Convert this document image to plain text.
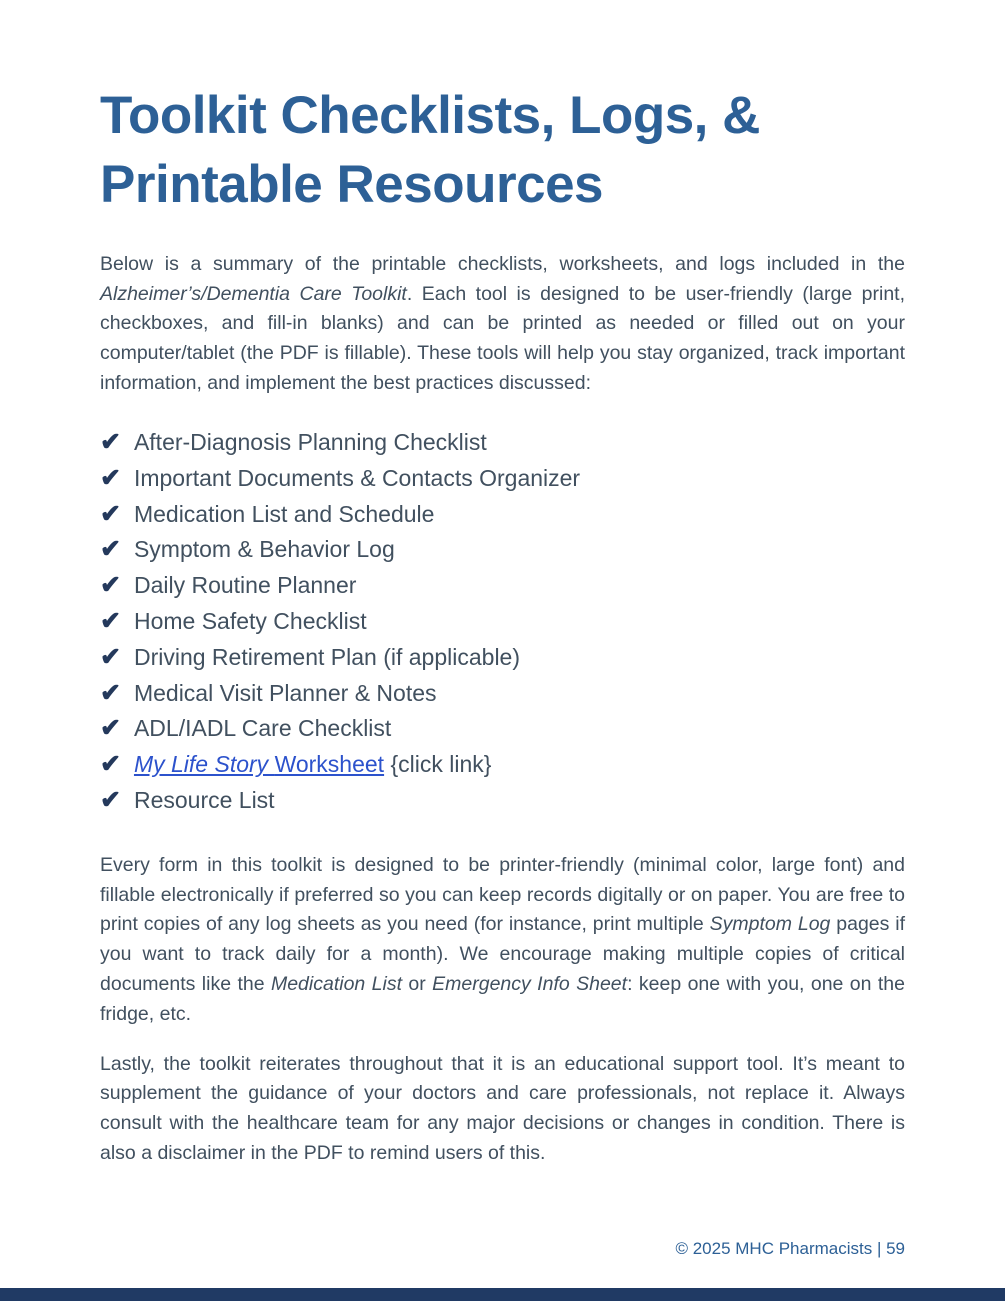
Toolkit Checklists, Logs, & Printable Resources

Below is a summary of the printable checklists, worksheets, and logs included in the Alzheimer’s/Dementia Care Toolkit. Each tool is designed to be user-friendly (large print, checkboxes, and fill-in blanks) and can be printed as needed or filled out on your computer/tablet (the PDF is fillable). These tools will help you stay organized, track important information, and implement the best practices discussed:

✔ After-Diagnosis Planning Checklist
✔ Important Documents & Contacts Organizer
✔ Medication List and Schedule
✔ Symptom & Behavior Log
✔ Daily Routine Planner
✔ Home Safety Checklist
✔ Driving Retirement Plan (if applicable)
✔ Medical Visit Planner & Notes
✔ ADL/IADL Care Checklist
✔ My Life Story Worksheet {click link}
✔ Resource List

Every form in this toolkit is designed to be printer-friendly (minimal color, large font) and fillable electronically if preferred so you can keep records digitally or on paper. You are free to print copies of any log sheets as you need (for instance, print multiple Symptom Log pages if you want to track daily for a month). We encourage making multiple copies of critical documents like the Medication List or Emergency Info Sheet: keep one with you, one on the fridge, etc.

Lastly, the toolkit reiterates throughout that it is an educational support tool. It’s meant to supplement the guidance of your doctors and care professionals, not replace it. Always consult with the healthcare team for any major decisions or changes in condition. There is also a disclaimer in the PDF to remind users of this.

© 2025 MHC Pharmacists | 59
